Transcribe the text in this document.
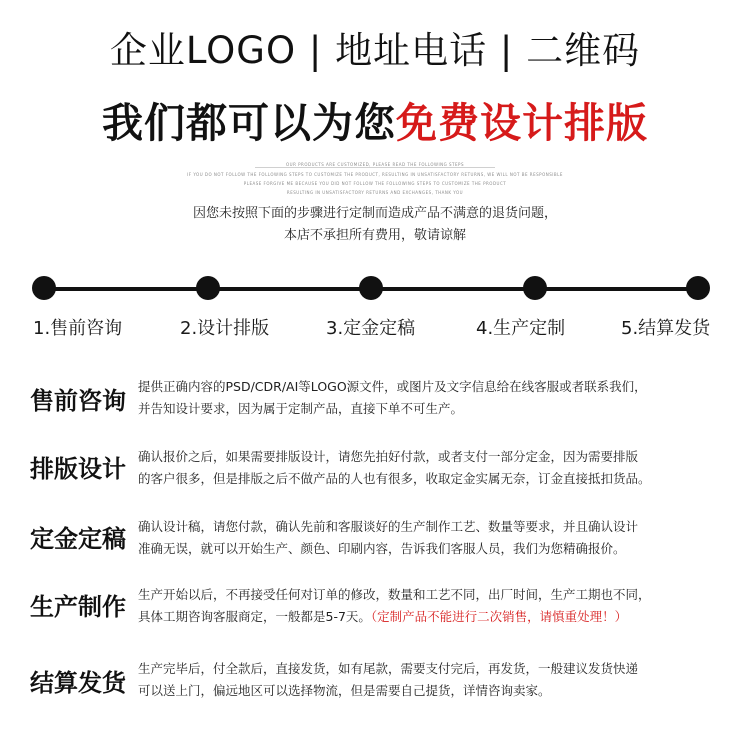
企业LOGO | 地址电话 | 二维码
我们都可以为您免费设计排版
OUR PRODUCTS ARE CUSTOMIZED, PLEASE READ THE FOLLOWING STEPS
IF YOU DO NOT FOLLOW THE FOLLOWING STEPS TO CUSTOMIZE THE PRODUCT, RESULTING IN UNSATISFACTORY RETURNS, WE WILL NOT BE RESPONSIBLE
PLEASE FORGIVE ME BECAUSE YOU DID NOT FOLLOW THE FOLLOWING STEPS TO CUSTOMIZE THE PRODUCT
RESULTING IN UNSATISFACTORY RETURNS AND EXCHANGES, THANK YOU
因您未按照下面的步骤进行定制而造成产品不满意的退货问题，
本店不承担所有费用，敬请谅解
1.售前咨询	2.设计排版	3.定金定稿	4.生产定制	5.结算发货
售前咨询
提供正确内容的PSD/CDR/AI等LOGO源文件，或图片及文字信息给在线客服或者联系我们，
并告知设计要求，因为属于定制产品，直接下单不可生产。
排版设计 确认报价之后，如果需要排版设计，请您先拍好付款，或者支付一部分定金，因为需要排版
的客户很多，但是排版之后不做产品的人也有很多，收取定金实属无奈，订金直接抵扣货品。
定金定稿 确认设计稿，请您付款，确认先前和客服谈好的生产制作工艺、数量等要求，并且确认设计
准确无误，就可以开始生产、颜色、印刷内容，告诉我们客服人员，我们为您精确报价。
生产制作 生产开始以后，不再接受任何对订单的修改，数量和工艺不同，出厂时间，生产工期也不同，
具体工期咨询客服商定，一般都是5-7天。（定制产品不能进行二次销售，请慎重处理！）
结算发货
生产完毕后，付全款后，直接发货，如有尾款，需要支付完后，再发货，一般建议发货快递
可以送上门，偏远地区可以选择物流，但是需要自己提货，详情咨询卖家。
